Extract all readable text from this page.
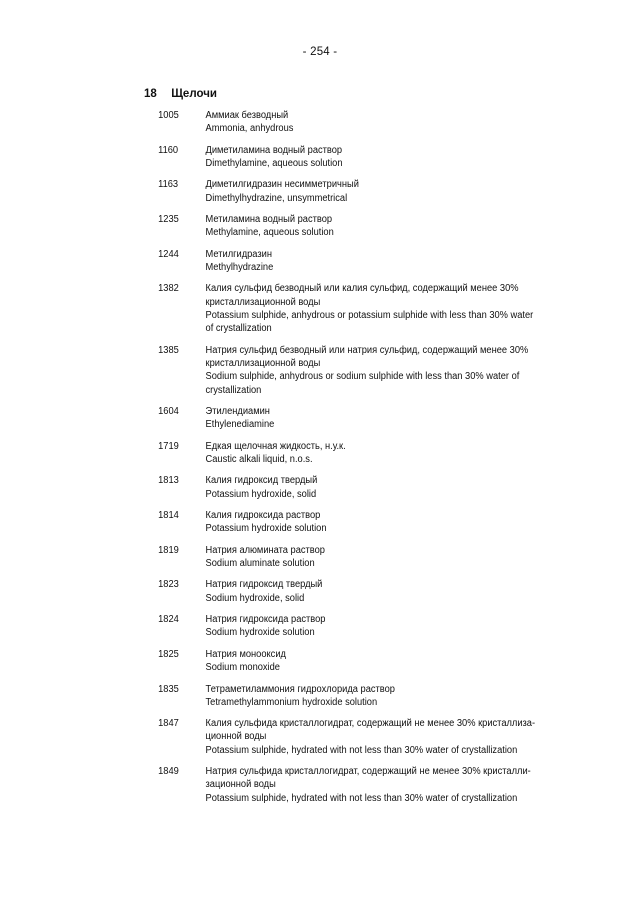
- 254 -
18 Щелочи
1005	Аммиак безводный
Ammonia, anhydrous
1160	Диметиламина водный раствор
Dimethylamine, aqueous solution
1163	Диметилгидразин несимметричный
Dimethylhydrazine, unsymmetrical
1235	Метиламина водный раствор
Methylamine, aqueous solution
1244	Метилгидразин
Methylhydrazine
1382	Калия сульфид безводный или калия сульфид, содержащий менее 30%
кристаллизационной воды
Potassium sulphide, anhydrous or potassium sulphide with less than 30% water
of crystallization
1385	Натрия сульфид безводный или натрия сульфид, содержащий менее 30%
кристаллизационной воды
Sodium sulphide, anhydrous or sodium sulphide with less than 30% water of
crystallization
1604	Этилендиамин
Ethylenediamine
1719	Едкая щелочная жидкость, н.у.к.
Caustic alkali liquid, n.o.s.
1813	Калия гидроксид твердый
Potassium hydroxide, solid
1814	Калия гидроксида раствор
Potassium hydroxide solution
1819	Натрия алюмината раствор
Sodium aluminate solution
1823	Натрия гидроксид твердый
Sodium hydroxide, solid
1824	Натрия гидроксида раствор
Sodium hydroxide solution
1825	Натрия монооксид
Sodium monoxide
1835	Тетраметиламмония гидрохлорида раствор
Tetramethylammonium hydroxide solution
1847	Калия сульфида кристаллогидрат, содержащий не менее 30% кристаллиза-
ционной воды
Potassium sulphide, hydrated with not less than 30% water of crystallization
1849	Натрия сульфида кристаллогидрат, содержащий не менее 30% кристалли-
зационной воды
Potassium sulphide, hydrated with not less than 30% water of crystallization
